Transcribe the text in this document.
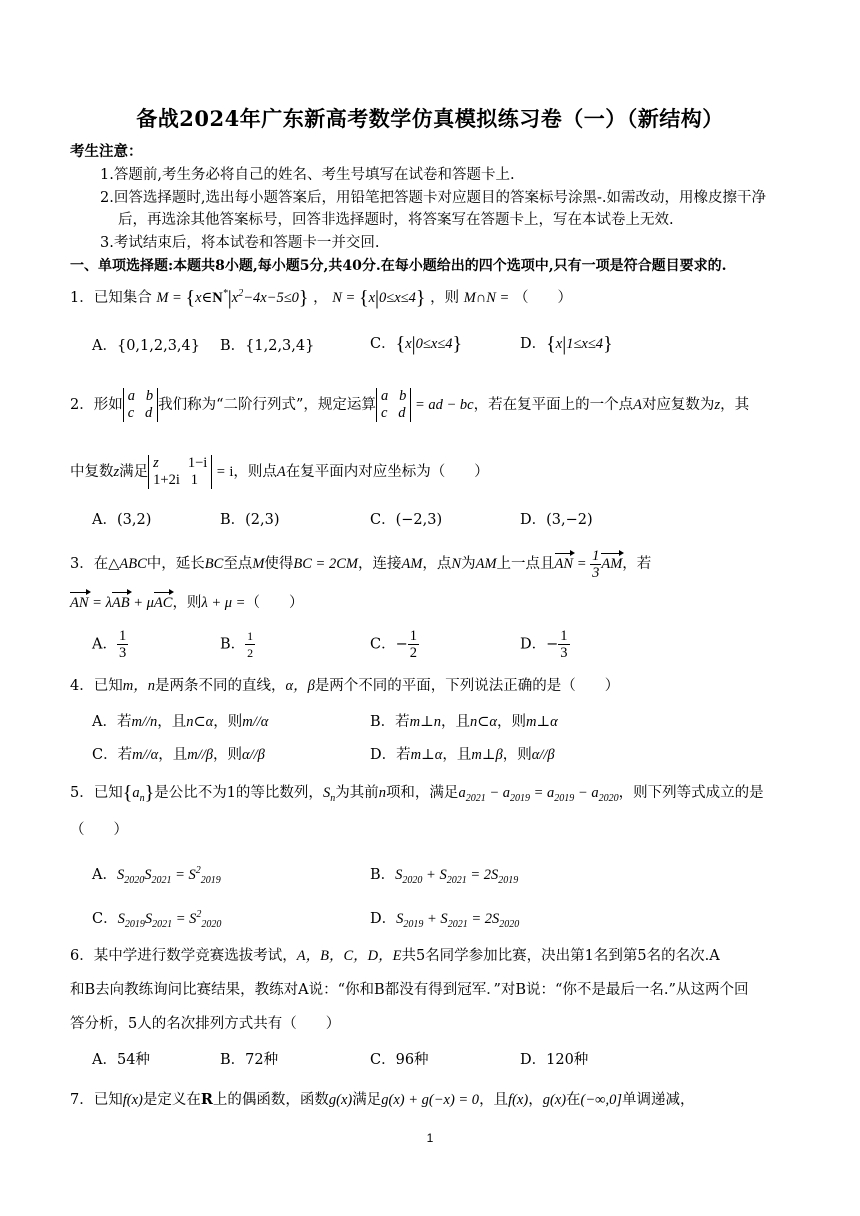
备战2024年广东新高考数学仿真模拟练习卷（一）（新结构）
考生注意：
1.答题前,考生务必将自己的姓名、考生号填写在试卷和答题卡上.
2.回答选择题时,选出每小题答案后，用铅笔把答题卡对应题目的答案标号涂黑-.如需改动，用橡皮擦干净
后，再选涂其他答案标号，回答非选择题时，将答案写在答题卡上，写在本试卷上无效.
3.考试结束后，将本试卷和答题卡一并交回.
一、单项选择题:本题共8小题,每小题5分,共40分.在每小题给出的四个选项中,只有一项是符合题目要求的.
1．已知集合 $M = \{x\in N^*|x^2-4x-5\le 0\}$ ， N = {x|0≤x≤4} ，则 M∩N = （　　）
A．{0,1,2,3,4} B．{1,2,3,4}	C．{x|0≤x≤4}	D．{x|1≤x≤4}
2．形如
a   b
c   d 我们称为“二阶行列式”，规定运算
a   b
c   d = ad − bc，若在复平面上的一个点A对应复数为z，其
中复数z满足
z        1−i
1+2i   1 = i，则点A在复平面内对应坐标为（　　）
A．(3,2)	B．(2,3)	C．(−2,3)	D．(3,−2)
3．在△ABC中，延长BC至点M使得BC = 2CM，连接AM，点N为AM上一点且AN = $\frac{1}{3}$ AM，若
AN = λAB + μAC，则λ + μ =（　　）
A． $\frac{1}{3}$	B． $\frac{1}{2}$	C．− $\frac{1}{2}$	D．− $\frac{1}{3}$
4．已知m，n是两条不同的直线，α，β是两个不同的平面，下列说法正确的是（　　）
A．若m//n，且n⊂α，则m//α	B．若m⊥n，且n⊂α，则m⊥α
C．若m//α，且m//β，则α//β	D．若m⊥α，且m⊥β，则α//β
5．已知$\{a_n\}$是公比不为1的等比数列，$S_n$为其前n项和，满足$a_{2021} - a_{2019} = a_{2019} - a_{2020}$，则下列等式成立的是
（　　）
A．$S_{2020}S_{2021} = S^2_{2019}$	B．$S_{2020} + S_{2021} = 2S_{2019}$
C．$S_{2019}S_{2021} = S^2_{2020}$	D．$S_{2019} + S_{2021} = 2S_{2020}$
6．某中学进行数学竞赛选拔考试，A，B，C，D，E共5名同学参加比赛，决出第1名到第5名的名次.A
和B去向教练询问比赛结果，教练对A说：“你和B都没有得到冠军．”对B说：“你不是最后一名.”从这两个回
答分析，5人的名次排列方式共有（　　）
A．54种	B．72种	C．96种	D．120种
7．已知f(x)是定义在R上的偶函数，函数g(x)满足g(x) + g(−x) = 0，且f(x)，g(x)在(−∞,0]单调递减，
1
